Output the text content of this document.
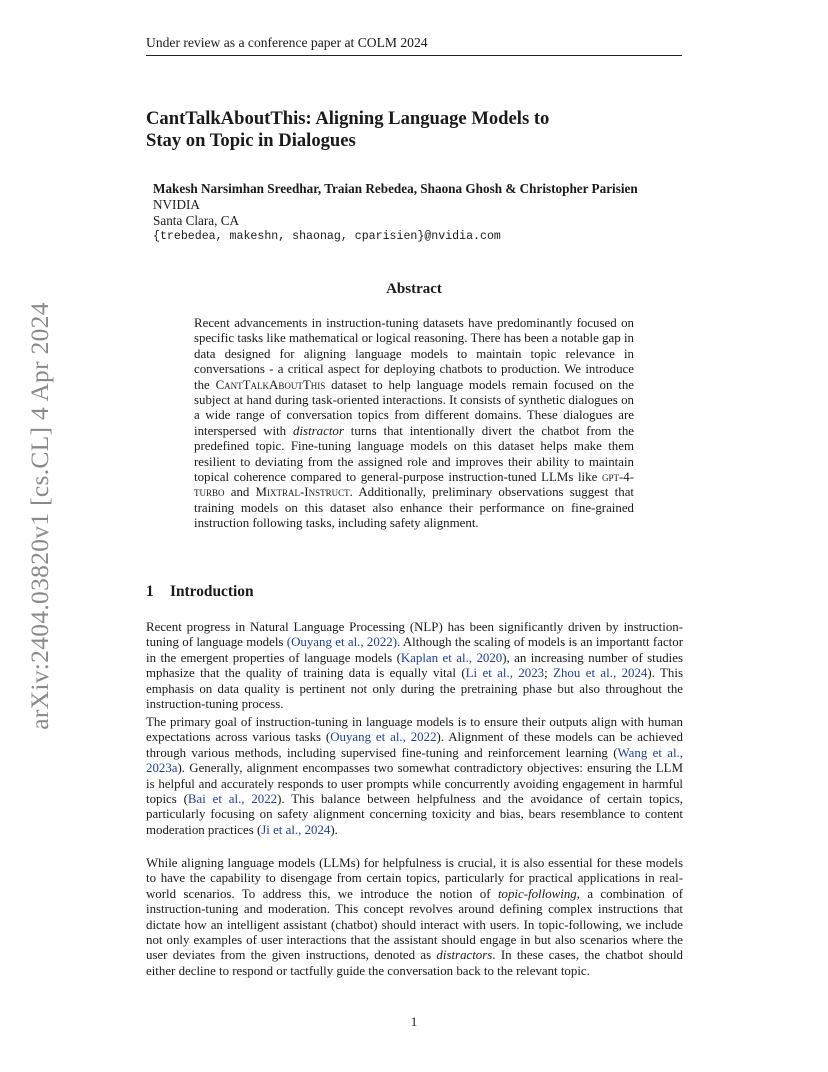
Under review as a conference paper at COLM 2024
CantTalkAboutThis: Aligning Language Models to
Stay on Topic in Dialogues
Makesh Narsimhan Sreedhar, Traian Rebedea, Shaona Ghosh & Christopher Parisien
NVIDIA
Santa Clara, CA
{trebedea, makeshn, shaonag, cparisien}@nvidia.com
Abstract

Recent advancements in instruction-tuning datasets have predominantly focused on specific tasks like mathematical or logical reasoning. There has been a notable gap in data designed for aligning language models to maintain topic relevance in conversations - a critical aspect for deploying chatbots to production. We introduce the CantTalkAboutThis dataset to help language models remain focused on the subject at hand during task-oriented interactions. It consists of synthetic dialogues on a wide range of conversation topics from different domains. These dialogues are interspersed with distractor turns that intentionally divert the chatbot from the predefined topic. Fine-tuning language models on this dataset helps make them resilient to deviating from the assigned role and improves their ability to maintain topical coherence compared to general-purpose instruction-tuned LLMs like gpt-4-turbo and Mixtral-Instruct. Additionally, preliminary observations suggest that training models on this dataset also enhance their performance on fine-grained instruction following tasks, including safety alignment.

1 Introduction

Recent progress in Natural Language Processing (NLP) has been significantly driven by instruction-tuning of language models (Ouyang et al., 2022). Although the scaling of models is an importantt factor in the emergent properties of language models (Kaplan et al., 2020), an increasing number of studies mphasize that the quality of training data is equally vital (Li et al., 2023; Zhou et al., 2024). This emphasis on data quality is pertinent not only during the pretraining phase but also throughout the instruction-tuning process.

The primary goal of instruction-tuning in language models is to ensure their outputs align with human expectations across various tasks (Ouyang et al., 2022). Alignment of these models can be achieved through various methods, including supervised fine-tuning and reinforcement learning (Wang et al., 2023a). Generally, alignment encompasses two somewhat contradictory objectives: ensuring the LLM is helpful and accurately responds to user prompts while concurrently avoiding engagement in harmful topics (Bai et al., 2022). This balance between helpfulness and the avoidance of certain topics, particularly focusing on safety alignment concerning toxicity and bias, bears resemblance to content moderation practices (Ji et al., 2024).

While aligning language models (LLMs) for helpfulness is crucial, it is also essential for these models to have the capability to disengage from certain topics, particularly for practical applications in real-world scenarios. To address this, we introduce the notion of topic-following, a combination of instruction-tuning and moderation. This concept revolves around defining complex instructions that dictate how an intelligent assistant (chatbot) should interact with users. In topic-following, we include not only examples of user interactions that the assistant should engage in but also scenarios where the user deviates from the given instructions, denoted as distractors. In these cases, the chatbot should either decline to respond or tactfully guide the conversation back to the relevant topic.

1
arXiv:2404.03820v1 [cs.CL] 4 Apr 2024
